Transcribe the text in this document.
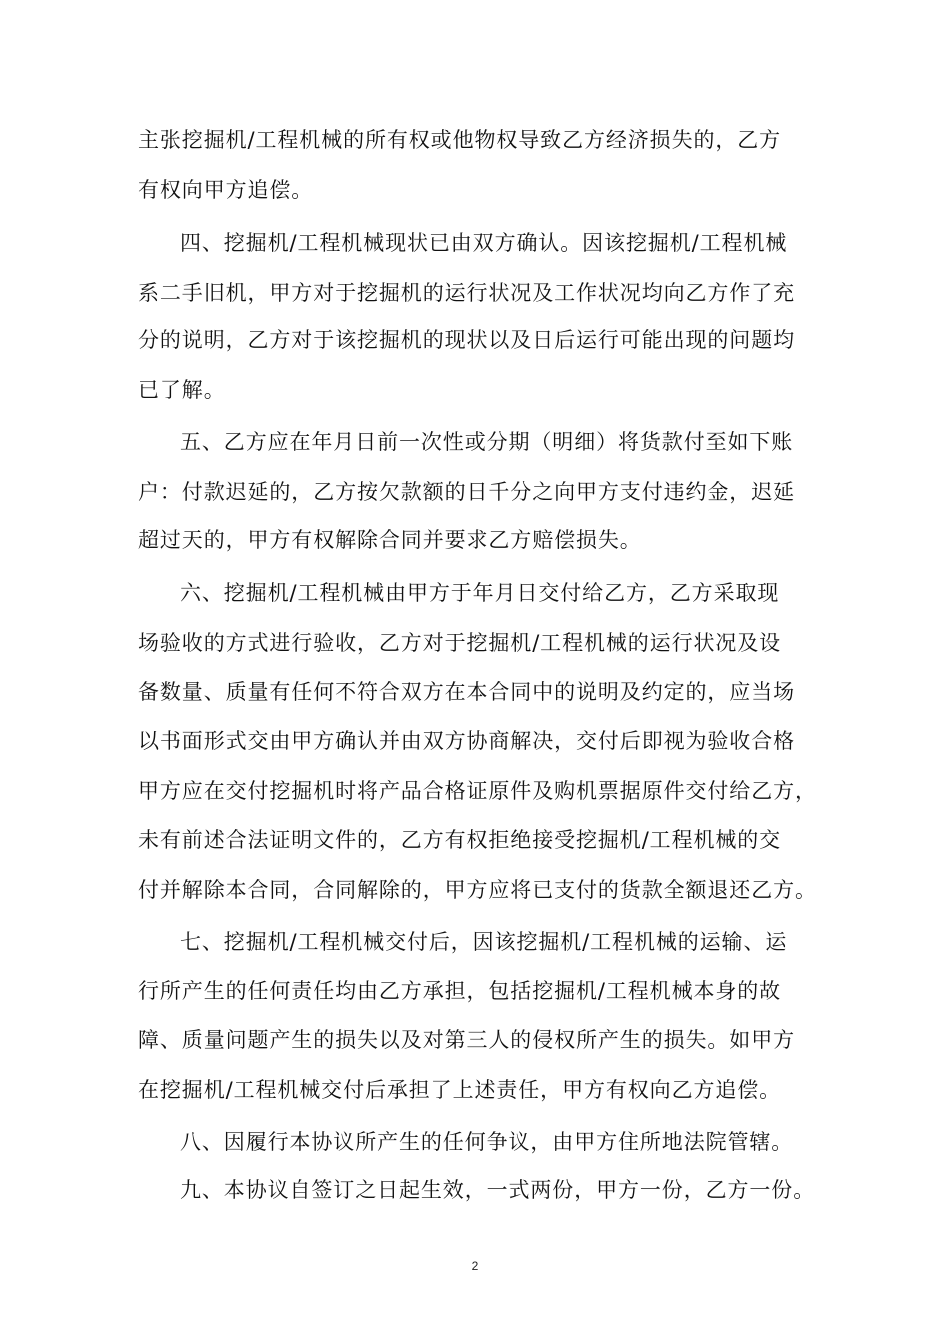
主张挖掘机/工程机械的所有权或他物权导致乙方经济损失的，乙方
有权向甲方追偿。
四、挖掘机/工程机械现状已由双方确认。因该挖掘机/工程机械
系二手旧机，甲方对于挖掘机的运行状况及工作状况均向乙方作了充
分的说明，乙方对于该挖掘机的现状以及日后运行可能出现的问题均
已了解。
五、乙方应在年月日前一次性或分期（明细）将货款付至如下账
户：付款迟延的，乙方按欠款额的日千分之向甲方支付违约金，迟延
超过天的，甲方有权解除合同并要求乙方赔偿损失。
六、挖掘机/工程机械由甲方于年月日交付给乙方，乙方采取现
场验收的方式进行验收，乙方对于挖掘机/工程机械的运行状况及设
备数量、质量有任何不符合双方在本合同中的说明及约定的，应当场
以书面形式交由甲方确认并由双方协商解决，交付后即视为验收合格
甲方应在交付挖掘机时将产品合格证原件及购机票据原件交付给乙方，
未有前述合法证明文件的，乙方有权拒绝接受挖掘机/工程机械的交
付并解除本合同，合同解除的，甲方应将已支付的货款全额退还乙方。
七、挖掘机/工程机械交付后，因该挖掘机/工程机械的运输、运
行所产生的任何责任均由乙方承担，包括挖掘机/工程机械本身的故
障、质量问题产生的损失以及对第三人的侵权所产生的损失。如甲方
在挖掘机/工程机械交付后承担了上述责任，甲方有权向乙方追偿。
八、因履行本协议所产生的任何争议，由甲方住所地法院管辖。
九、本协议自签订之日起生效，一式两份，甲方一份，乙方一份。
2
